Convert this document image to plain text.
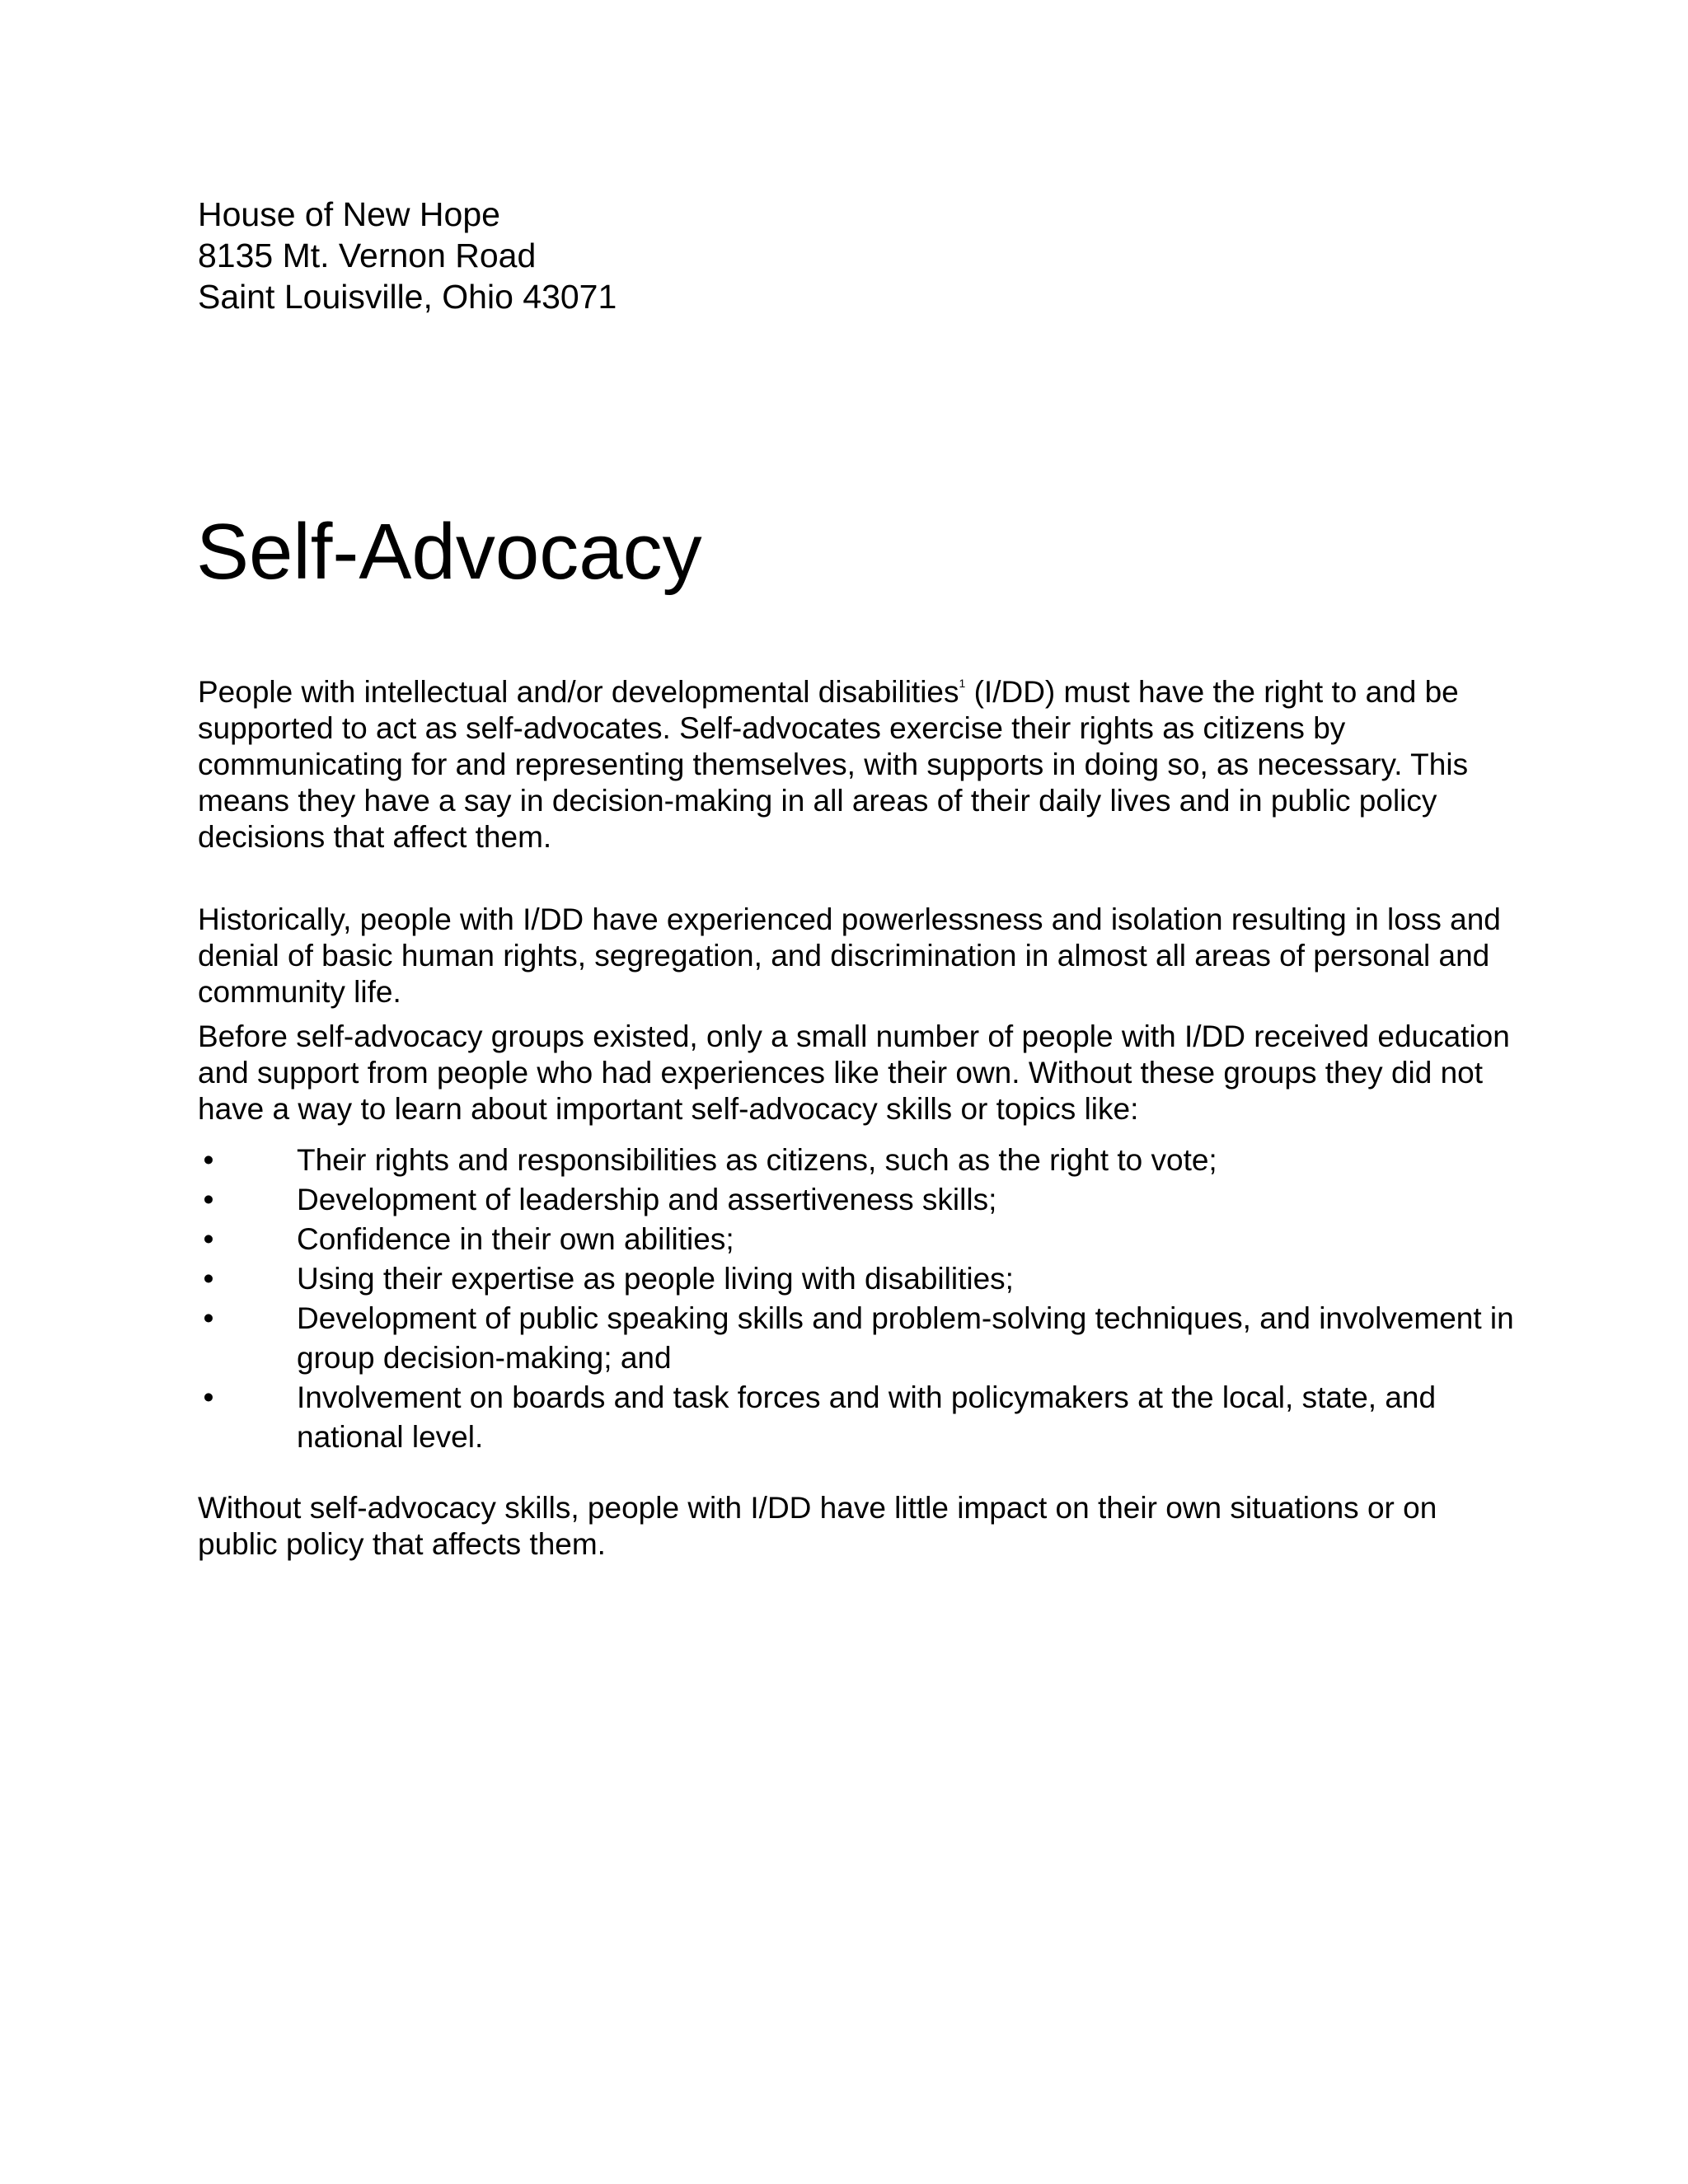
House of New Hope
8135 Mt. Vernon Road
Saint Louisville, Ohio 43071
Self-Advocacy

People with intellectual and/or developmental disabilities$^1$ (I/DD) must have the right to and be supported to act as self-advocates. Self-advocates exercise their rights as citizens by communicating for and representing themselves, with supports in doing so, as necessary. This means they have a say in decision-making in all areas of their daily lives and in public policy decisions that affect them.

Historically, people with I/DD have experienced powerlessness and isolation resulting in loss and denial of basic human rights, segregation, and discrimination in almost all areas of personal and community life.

Before self-advocacy groups existed, only a small number of people with I/DD received education and support from people who had experiences like their own. Without these groups they did not have a way to learn about important self-advocacy skills or topics like:

•	Their rights and responsibilities as citizens, such as the right to vote;
•	Development of leadership and assertiveness skills;
•	Confidence in their own abilities;
•	Using their expertise as people living with disabilities;
•	Development of public speaking skills and problem-solving techniques, and involvement in group decision-making; and
•	Involvement on boards and task forces and with policymakers at the local, state, and national level.

Without self-advocacy skills, people with I/DD have little impact on their own situations or on public policy that affects them.
